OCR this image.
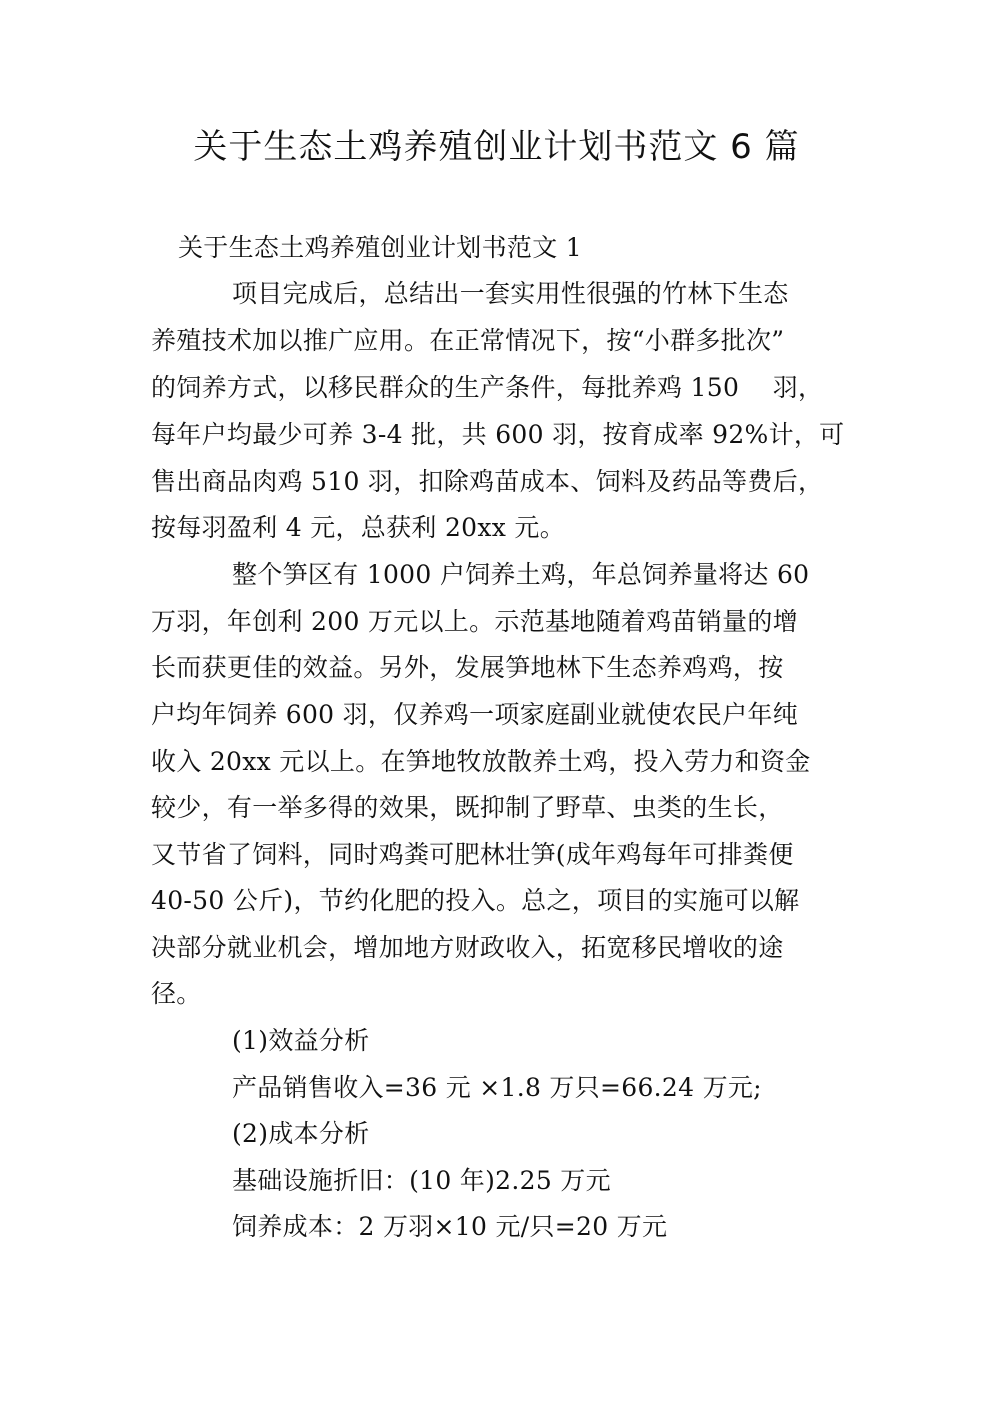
关于生态土鸡养殖创业计划书范文 6 篇
关于生态土鸡养殖创业计划书范文 1
项目完成后，总结出一套实用性很强的竹林下生态
养殖技术加以推广应用。在正常情况下，按“小群多批次”
的饲养方式，以移民群众的生产条件，每批养鸡 150　 羽，
每年户均最少可养 3-4 批，共 600 羽，按育成率 92%计，可
售出商品肉鸡 510 羽，扣除鸡苗成本、饲料及药品等费后，
按每羽盈利 4 元，总获利 20xx 元。
整个笋区有 1000 户饲养土鸡，年总饲养量将达 60
万羽，年创利 200 万元以上。示范基地随着鸡苗销量的增
长而获更佳的效益。另外，发展笋地林下生态养鸡鸡，按
户均年饲养 600 羽，仅养鸡一项家庭副业就使农民户年纯
收入 20xx 元以上。在笋地牧放散养土鸡，投入劳力和资金
较少，有一举多得的效果，既抑制了野草、虫类的生长，
又节省了饲料，同时鸡粪可肥林壮笋(成年鸡每年可排粪便
40-50 公斤)，节约化肥的投入。总之，项目的实施可以解
决部分就业机会，增加地方财政收入，拓宽移民增收的途
径。
(1)效益分析
产品销售收入=36 元 ×1.8 万只=66.24 万元;
(2)成本分析
基础设施折旧：(10 年)2.25 万元
饲养成本：2 万羽×10 元/只=20 万元
